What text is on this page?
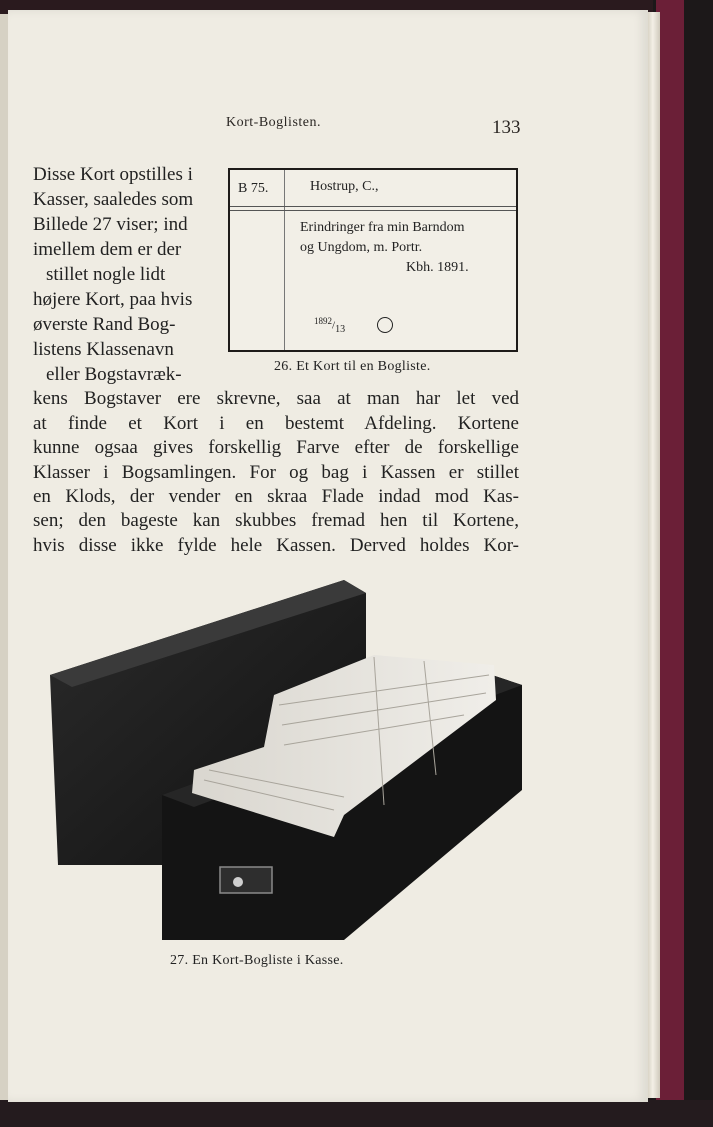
Kort-Boglisten.	133
Disse Kort opstilles i
Kasser, saaledes som
Billede 27 viser; ind
imellem dem er der
stillet nogle lidt
højere Kort, paa hvis
øverste Rand Bog-
listens Klassenavn
eller Bogstavræk-
B 75.	Hostrup, C.,
Erindringer fra min Barndom
og Ungdom, m. Portr.
Kbh. 1891.
$^{1892}/_{13}$
26. Et Kort til en Bogliste.
kens Bogstaver ere skrevne, saa at man har let ved
at finde et Kort i en bestemt Afdeling. Kortene
kunne ogsaa gives forskellig Farve efter de forskellige
Klasser i Bogsamlingen. For og bag i Kassen er stillet
en Klods, der vender en skraa Flade indad mod Kas-
sen; den bageste kan skubbes fremad hen til Kortene,
hvis disse ikke fylde hele Kassen. Derved holdes Kor-
27. En Kort-Bogliste i Kasse.
